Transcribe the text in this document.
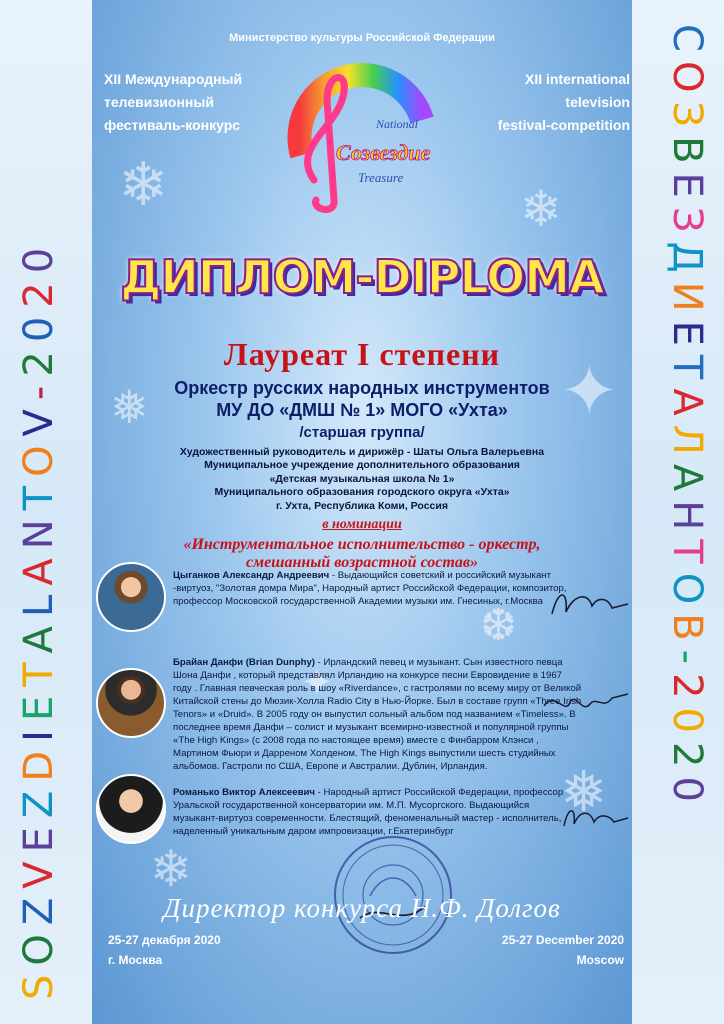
❄	❄
✦
❅
❆
❄
❅
✦
SOZVEZDIETALANTOV-2020
СОЗВЕЗДИЕТАЛАНТОВ-2020
Министерство культуры Российской Федерации
XII Международный
телевизионный
фестиваль-конкурс
XII international
television
festival-competition
National
Созвездие
Treasure
ДИПЛОМ-DIPLOMA
Лауреат I степени
Оркестр русских народных инструментов
МУ ДО «ДМШ № 1» МОГО «Ухта»
/старшая группа/
Художественный руководитель и дирижёр - Шаты Ольга Валерьевна
Муниципальное учреждение дополнительного образования
«Детская музыкальная школа № 1»
Муниципального образования городского округа «Ухта»
г. Ухта, Республика Коми, Россия
в номинации
«Инструментальное исполнительство - оркестр,
смешанный возрастной состав»
Цыганков Александр Андреевич - Выдающийся советский и российский музыкант -виртуоз, "Золотая домра Мира", Народный артист Российской Федерации, композитор, профессор Московской государственной Академии музыки им. Гнесиных, г.Москва
Брайан Данфи (Brian Dunphy) - Ирландский певец и музыкант. Сын известного певца Шона Данфи , который представлял Ирландию на конкурсе песни Евровидение в 1967 году . Главная певческая роль в шоу «Riverdance», с гастролями по всему миру от Великой Китайской стены до Мюзик-Холла Radio City в Нью-Йорке. Был в составе групп «Three Irish Tenors» и «Druid». В 2005 году он выпустил сольный альбом под названием «Timeless». В последнее время Данфи – солист и музыкант всемирно-известной и популярной группы «The High Kings» (с 2008 года по настоящее время) вместе с Финбарром Клэнси , Мартином Фьюри и Дарреном Холденом. The High Kings выпустили шесть студийных альбомов. Гастроли по США, Европе и Австралии. Дублин, Ирландия.
Романько Виктор Алексеевич - Народный артист Российской Федерации, профессор Уральской государственной консерватории им. М.П. Мусоргского. Выдающийся музыкант-виртуоз современности. Блестящий, феноменальный мастер - исполнитель, наделенный уникальным даром импровизации, г.Екатеринбург
Директор конкурса Н.Ф. Долгов
25-27 декабря 2020
г. Москва
25-27 December 2020
Moscow
